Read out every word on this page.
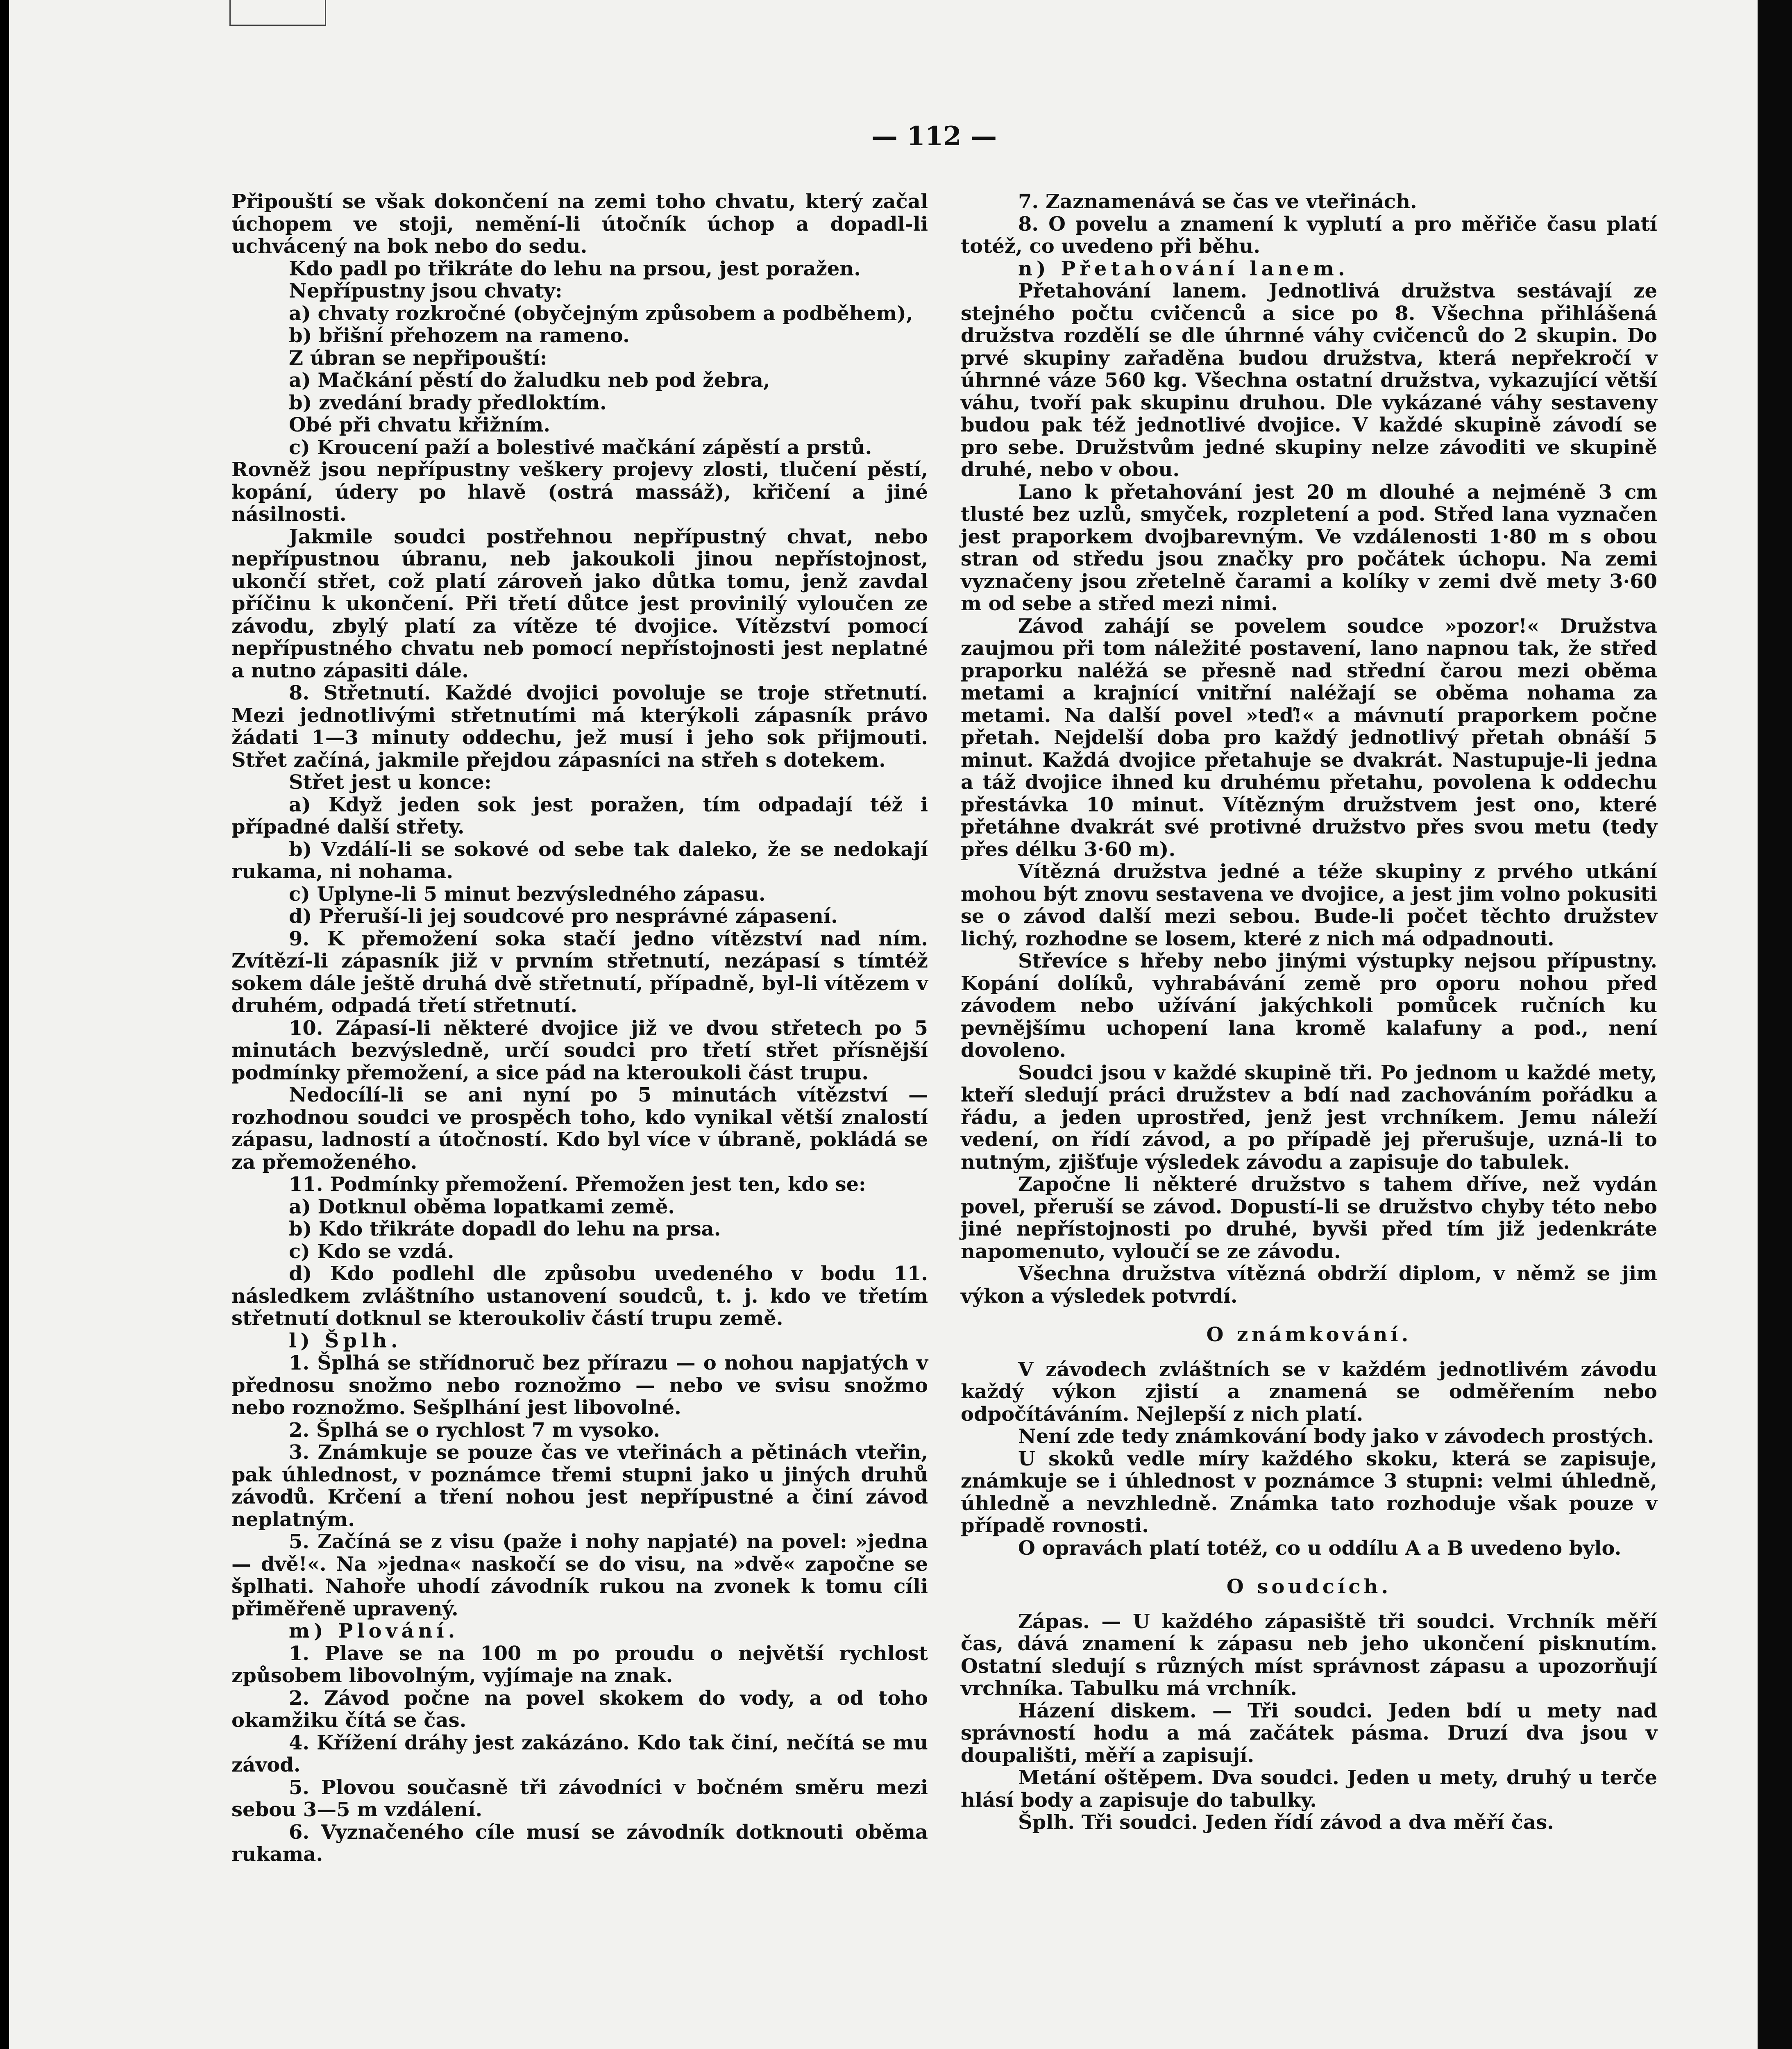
— 112 —

Připouští se však dokončení na zemi toho chvatu, který začal úchopem ve stoji, nemění-li útočník úchop a dopadl-li uchvácený na bok nebo do sedu.

Kdo padl po třikráte do lehu na prsou, jest poražen.

Nepřípustny jsou chvaty:

a) chvaty rozkročné (obyčejným způsobem a podběhem),

b) břišní přehozem na rameno.

Z úbran se nepřipouští:

a) Mačkání pěstí do žaludku neb pod žebra,

b) zvedání brady předloktím.

Obé při chvatu křižním.

c) Kroucení paží a bolestivé mačkání zápěstí a prstů.

Rovněž jsou nepřípustny veškery projevy zlosti, tlučení pěstí, kopání, údery po hlavě (ostrá massáž), křičení a jiné násilnosti.

Jakmile soudci postřehnou nepřípustný chvat, nebo nepřípustnou úbranu, neb jakoukoli jinou nepřístojnost, ukončí střet, což platí zároveň jako důtka tomu, jenž zavdal příčinu k ukončení. Při třetí důtce jest provinilý vyloučen ze závodu, zbylý platí za vítěze té dvojice. Vítězství pomocí nepřípustného chvatu neb pomocí nepřístojnosti jest neplatné a nutno zápasiti dále.

8. Střetnutí. Každé dvojici povoluje se troje střetnutí. Mezi jednotlivými střetnutími má kterýkoli zápasník právo žádati 1—3 minuty oddechu, jež musí i jeho sok přijmouti. Střet začíná, jakmile přejdou zápasníci na střeh s dotekem.

Střet jest u konce:

a) Když jeden sok jest poražen, tím odpadají též i případné další střety.

b) Vzdálí-li se sokové od sebe tak daleko, že se nedokají rukama, ni nohama.

c) Uplyne-li 5 minut bezvýsledného zápasu.

d) Přeruší-li jej soudcové pro nesprávné zápasení.

9. K přemožení soka stačí jedno vítězství nad ním. Zvítězí-li zápasník již v prvním střetnutí, nezápasí s tímtéž sokem dále ještě druhá dvě střetnutí, případně, byl-li vítězem v druhém, odpadá třetí střetnutí.

10. Zápasí-li některé dvojice již ve dvou střetech po 5 minutách bezvýsledně, určí soudci pro třetí střet přísnější podmínky přemožení, a sice pád na kteroukoli část trupu.

Nedocílí-li se ani nyní po 5 minutách vítězství — rozhodnou soudci ve prospěch toho, kdo vynikal větší znalostí zápasu, ladností a útočností. Kdo byl více v úbraně, pokládá se za přemoženého.

11. Podmínky přemožení. Přemožen jest ten, kdo se:

a) Dotknul oběma lopatkami země.

b) Kdo třikráte dopadl do lehu na prsa.

c) Kdo se vzdá.

d) Kdo podlehl dle způsobu uvedeného v bodu 11. následkem zvláštního ustanovení soudců, t. j. kdo ve třetím střetnutí dotknul se kteroukoliv částí trupu země.

l) Šplh.

1. Šplhá se střídnoruč bez přírazu — o nohou napjatých v přednosu snožmo nebo roznožmo — nebo ve svisu snožmo nebo roznožmo. Sešplhání jest libovolné.

2. Šplhá se o rychlost 7 m vysoko.

3. Známkuje se pouze čas ve vteřinách a pětinách vteřin, pak úhlednost, v poznámce třemi stupni jako u jiných druhů závodů. Krčení a tření nohou jest nepřípustné a činí závod neplatným.

5. Začíná se z visu (paže i nohy napjaté) na povel: »jedna — dvě!«. Na »jedna« naskočí se do visu, na »dvě« započne se šplhati. Nahoře uhodí závodník rukou na zvonek k tomu cíli přiměřeně upravený.

m) Plování.

1. Plave se na 100 m po proudu o největší rychlost způsobem libovolným, vyjímaje na znak.

2. Závod počne na povel skokem do vody, a od toho okamžiku čítá se čas.

4. Křížení dráhy jest zakázáno. Kdo tak činí, nečítá se mu závod.

5. Plovou současně tři závodníci v bočném směru mezi sebou 3—5 m vzdálení.

6. Vyznačeného cíle musí se závodník dotknouti oběma rukama.

7. Zaznamenává se čas ve vteřinách.

8. O povelu a znamení k vyplutí a pro měřiče času platí totéž, co uvedeno při běhu.

n) Přetahování lanem.

Přetahování lanem. Jednotlivá družstva sestávají ze stejného počtu cvičenců a sice po 8. Všechna přihlášená družstva rozdělí se dle úhrnné váhy cvičenců do 2 skupin. Do prvé skupiny zařaděna budou družstva, která nepřekročí v úhrnné váze 560 kg. Všechna ostatní družstva, vykazující větší váhu, tvoří pak skupinu druhou. Dle vykázané váhy sestaveny budou pak též jednotlivé dvojice. V každé skupině závodí se pro sebe. Družstvům jedné skupiny nelze závoditi ve skupině druhé, nebo v obou.

Lano k přetahování jest 20 m dlouhé a nejméně 3 cm tlusté bez uzlů, smyček, rozpletení a pod. Střed lana vyznačen jest praporkem dvojbarevným. Ve vzdálenosti 1·80 m s obou stran od středu jsou značky pro počátek úchopu. Na zemi vyznačeny jsou zřetelně čarami a kolíky v zemi dvě mety 3·60 m od sebe a střed mezi nimi.

Závod zahájí se povelem soudce »pozor!« Družstva zaujmou při tom náležité postavení, lano napnou tak, že střed praporku naléžá se přesně nad střední čarou mezi oběma metami a krajnící vnitřní naléžají se oběma nohama za metami. Na další povel »teď!« a mávnutí praporkem počne přetah. Nejdelší doba pro každý jednotlivý přetah obnáší 5 minut. Každá dvojice přetahuje se dvakrát. Nastupuje-li jedna a táž dvojice ihned ku druhému přetahu, povolena k oddechu přestávka 10 minut. Vítězným družstvem jest ono, které přetáhne dvakrát své protivné družstvo přes svou metu (tedy přes délku 3·60 m).

Vítězná družstva jedné a téže skupiny z prvého utkání mohou být znovu sestavena ve dvojice, a jest jim volno pokusiti se o závod další mezi sebou. Bude-li počet těchto družstev lichý, rozhodne se losem, které z nich má odpadnouti.

Střevíce s hřeby nebo jinými výstupky nejsou přípustny. Kopání dolíků, vyhrabávání země pro oporu nohou před závodem nebo užívání jakýchkoli pomůcek ručních ku pevnějšímu uchopení lana kromě kalafuny a pod., není dovoleno.

Soudci jsou v každé skupině tři. Po jednom u každé mety, kteří sledují práci družstev a bdí nad zachováním pořádku a řádu, a jeden uprostřed, jenž jest vrchníkem. Jemu náleží vedení, on řídí závod, a po případě jej přerušuje, uzná-li to nutným, zjišťuje výsledek závodu a zapisuje do tabulek.

Započne li některé družstvo s tahem dříve, než vydán povel, přeruší se závod. Dopustí-li se družstvo chyby této nebo jiné nepřístojnosti po druhé, byvši před tím již jedenkráte napomenuto, vyloučí se ze závodu.

Všechna družstva vítězná obdrží diplom, v němž se jim výkon a výsledek potvrdí.

O známkování.

V závodech zvláštních se v každém jednotlivém závodu každý výkon zjistí a znamená se odměřením nebo odpočítáváním. Nejlepší z nich platí.

Není zde tedy známkování body jako v závodech prostých.

U skoků vedle míry každého skoku, která se zapisuje, známkuje se i úhlednost v poznámce 3 stupni: velmi úhledně, úhledně a nevzhledně. Známka tato rozhoduje však pouze v případě rovnosti.

O opravách platí totéž, co u oddílu A a B uvedeno bylo.

O soudcích.

Zápas. — U každého zápasiště tři soudci. Vrchník měří čas, dává znamení k zápasu neb jeho ukončení pisknutím. Ostatní sledují s různých míst správnost zápasu a upozorňují vrchníka. Tabulku má vrchník.

Házení diskem. — Tři soudci. Jeden bdí u mety nad správností hodu a má začátek pásma. Druzí dva jsou v doupališti, měří a zapisují.

Metání oštěpem. Dva soudci. Jeden u mety, druhý u terče hlásí body a zapisuje do tabulky.

Šplh. Tři soudci. Jeden řídí závod a dva měří čas.
